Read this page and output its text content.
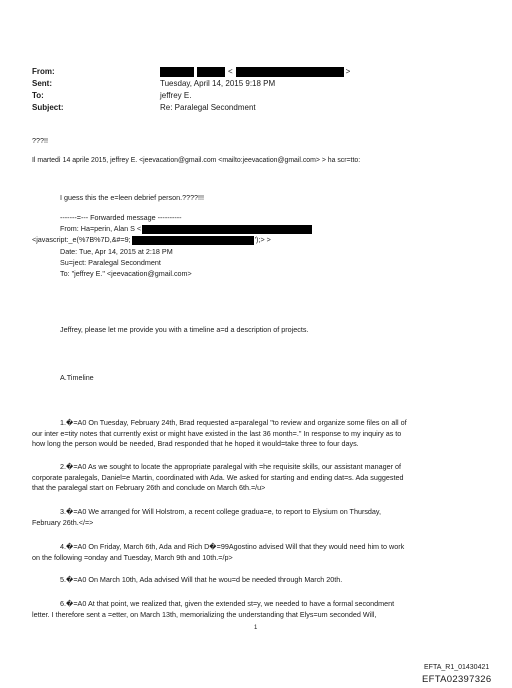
From:	<	>
Sent:	Tuesday, April 14, 2015 9:18 PM
To:	jeffrey E.
Subject:	Re: Paralegal Secondment
???!!
Il martedì 14 aprile 2015, jeffrey E. <jeevacation@gmail.com <mailto:jeevacation@gmail.com> > ha scr=tto:
I guess this the e=leen debrief person.????!!!
-------=--- Forwarded message ----------
From: Ha=perin, Alan S <
<javascript:_e(%7B%7D,&#=9;	');> >
Date: Tue, Apr 14, 2015 at 2:18 PM
Su=ject: Paralegal Secondment
To: "jeffrey E." <jeevacation@gmail.com>
Jeffrey, please let me provide you with a timeline a=d a description of projects.
A.Timeline

1.�=A0 On Tuesday, February 24th, Brad requested a=paralegal "to review and organize some files on all of

our inter e=tity notes that currently exist or might have existed in the last 36 month=." In response to my inquiry as to

how long the person would be needed, Brad responded that he hoped it would=take three to four days.

2.�=A0 As we sought to locate the appropriate paralegal with =he requisite skills, our assistant manager of

corporate paralegals, Daniel=e Martin, coordinated with Ada. We asked for starting and ending dat=s. Ada suggested

that the paralegal start on February 26th and conclude on March 6th.=/u>

3.�=A0 We arranged for Will Holstrom, a recent college gradua=e, to report to Elysium on Thursday,

February 26th.</=>

4.�=A0 On Friday, March 6th, Ada and Rich D�=99Agostino advised Will that they would need him to work

on the following =onday and Tuesday, March 9th and 10th.=/p>

5.�=A0 On March 10th, Ada advised Will that he wou=d be needed through March 20th.

6.�=A0 At that point, we realized that, given the extended st=y, we needed to have a formal secondment

letter. I therefore sent a =etter, on March 13th, memorializing the understanding that Elys=um seconded Will,

1
EFTA_R1_01430421
EFTA02397326
